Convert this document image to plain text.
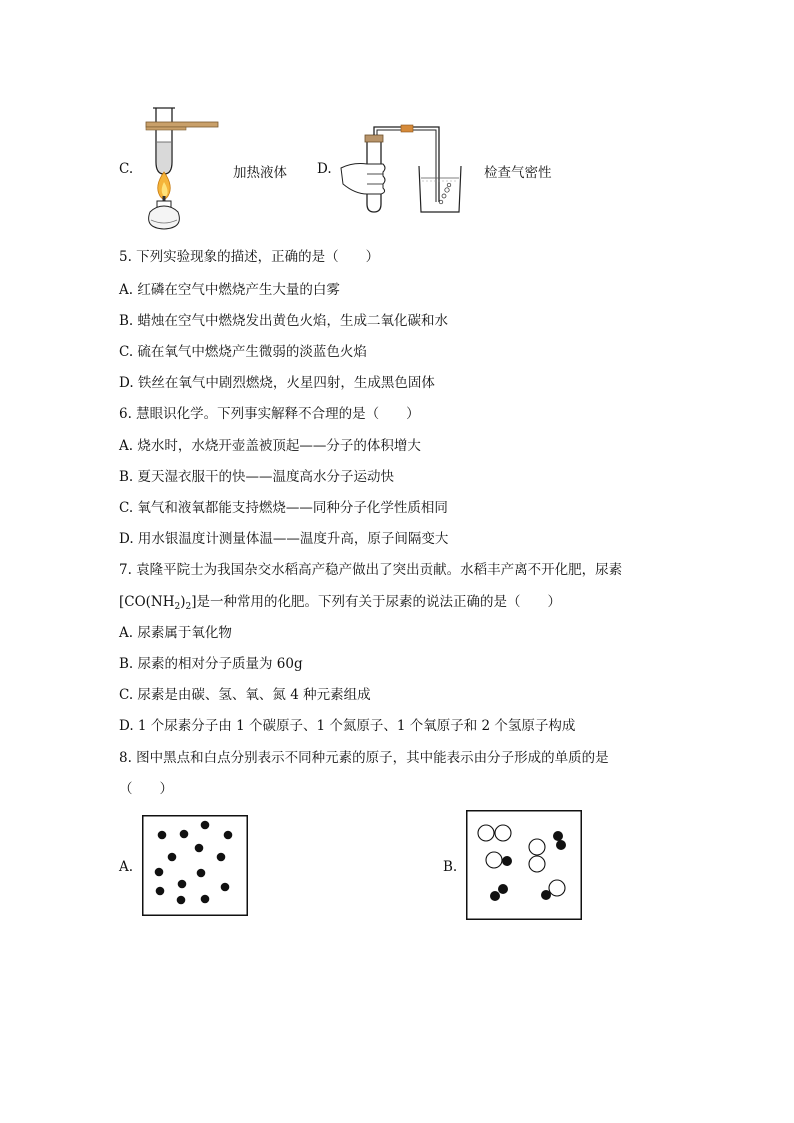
C.	加热液体 D.	检查气密性
5. 下列实验现象的描述，正确的是（　　）
A. 红磷在空气中燃烧产生大量的白雾
B. 蜡烛在空气中燃烧发出黄色火焰，生成二氧化碳和水
C. 硫在氧气中燃烧产生微弱的淡蓝色火焰
D. 铁丝在氧气中剧烈燃烧，火星四射，生成黑色固体
6. 慧眼识化学。下列事实解释不合理的是（　　）
A. 烧水时，水烧开壶盖被顶起——分子的体积增大
B. 夏天湿衣服干的快——温度高水分子运动快
C. 氧气和液氧都能支持燃烧——同种分子化学性质相同
D. 用水银温度计测量体温——温度升高，原子间隔变大
7. 袁隆平院士为我国杂交水稻高产稳产做出了突出贡献。水稻丰产离不开化肥，尿素
$[CO(NH_2)_2]$是一种常用的化肥。下列有关于尿素的说法正确的是（　　）
A. 尿素属于氧化物
B. 尿素的相对分子质量为 60g
C. 尿素是由碳、氢、氧、氮 4 种元素组成
D. 1 个尿素分子由 1 个碳原子、1 个氮原子、1 个氧原子和 2 个氢原子构成
8. 图中黑点和白点分别表示不同种元素的原子，其中能表示由分子形成的单质的是
（　　）
A.	B.
